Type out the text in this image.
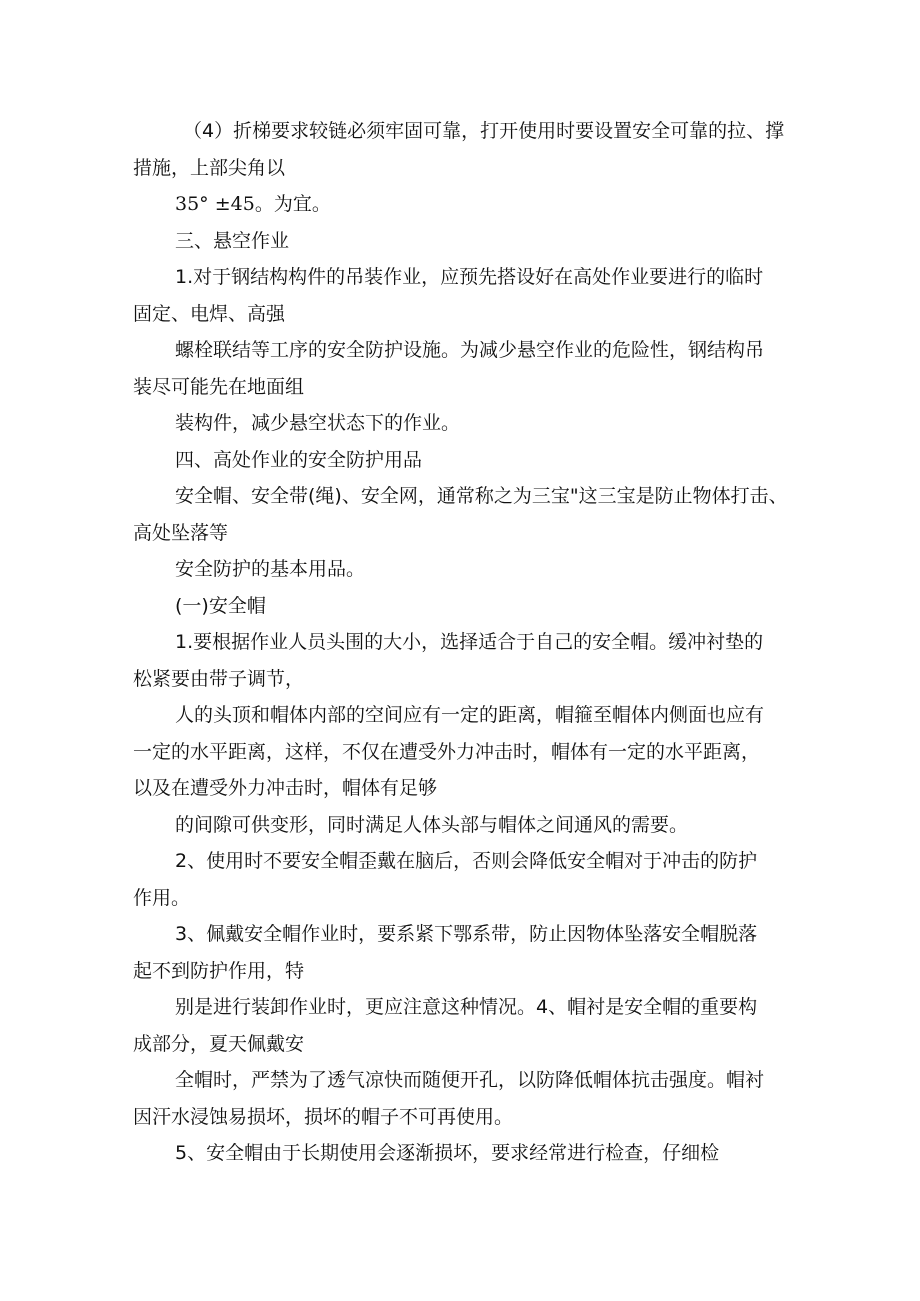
（4）折梯要求较链必须牢固可靠，打开使用时要设置安全可靠的拉、撑
措施，上部尖角以
35° ±45。为宜。
三、悬空作业
1.对于钢结构构件的吊装作业，应预先搭设好在高处作业要进行的临时
固定、电焊、高强
螺栓联结等工序的安全防护设施。为减少悬空作业的危险性，钢结构吊
装尽可能先在地面组
装构件，减少悬空状态下的作业。
四、高处作业的安全防护用品
安全帽、安全带(绳)、安全网，通常称之为三宝"这三宝是防止物体打击、
高处坠落等
安全防护的基本用品。
(一)安全帽
1.要根据作业人员头围的大小，选择适合于自己的安全帽。缓冲衬垫的
松紧要由带子调节，
人的头顶和帽体内部的空间应有一定的距离，帽箍至帽体内侧面也应有
一定的水平距离，这样，不仅在遭受外力冲击时，帽体有一定的水平距离，
以及在遭受外力冲击时，帽体有足够
的间隙可供变形，同时满足人体头部与帽体之间通风的需要。
2、使用时不要安全帽歪戴在脑后，否则会降低安全帽对于冲击的防护
作用。
3、佩戴安全帽作业时，要系紧下鄂系带，防止因物体坠落安全帽脱落
起不到防护作用，特
别是进行装卸作业时，更应注意这种情况。4、帽衬是安全帽的重要构
成部分，夏天佩戴安
全帽时，严禁为了透气凉快而随便开孔，以防降低帽体抗击强度。帽衬
因汗水浸蚀易损坏，损坏的帽子不可再使用。
5、安全帽由于长期使用会逐渐损坏，要求经常进行检查，仔细检
